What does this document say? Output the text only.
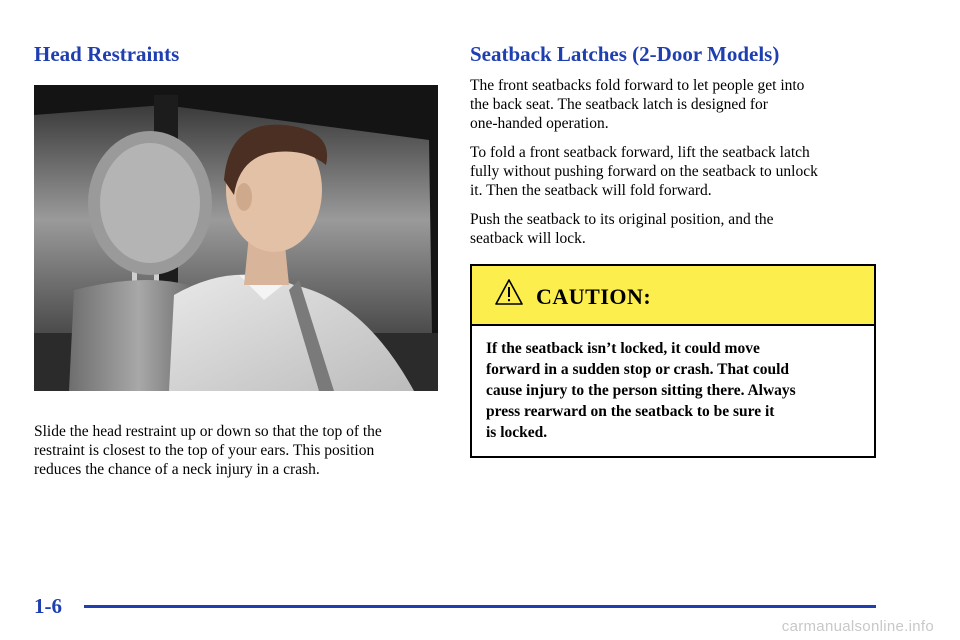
Head Restraints

Slide the head restraint up or down so that the top of the
restraint is closest to the top of your ears. This position
reduces the chance of a neck injury in a crash.

Seatback Latches (2-Door Models)

The front seatbacks fold forward to let people get into
the back seat. The seatback latch is designed for
one-handed operation.

To fold a front seatback forward, lift the seatback latch
fully without pushing forward on the seatback to unlock
it. Then the seatback will fold forward.

Push the seatback to its original position, and the
seatback will lock.

CAUTION:

If the seatback isn’t locked, it could move
forward in a sudden stop or crash. That could
cause injury to the person sitting there. Always
press rearward on the seatback to be sure it
is locked.

1-6
carmanualsonline.info
